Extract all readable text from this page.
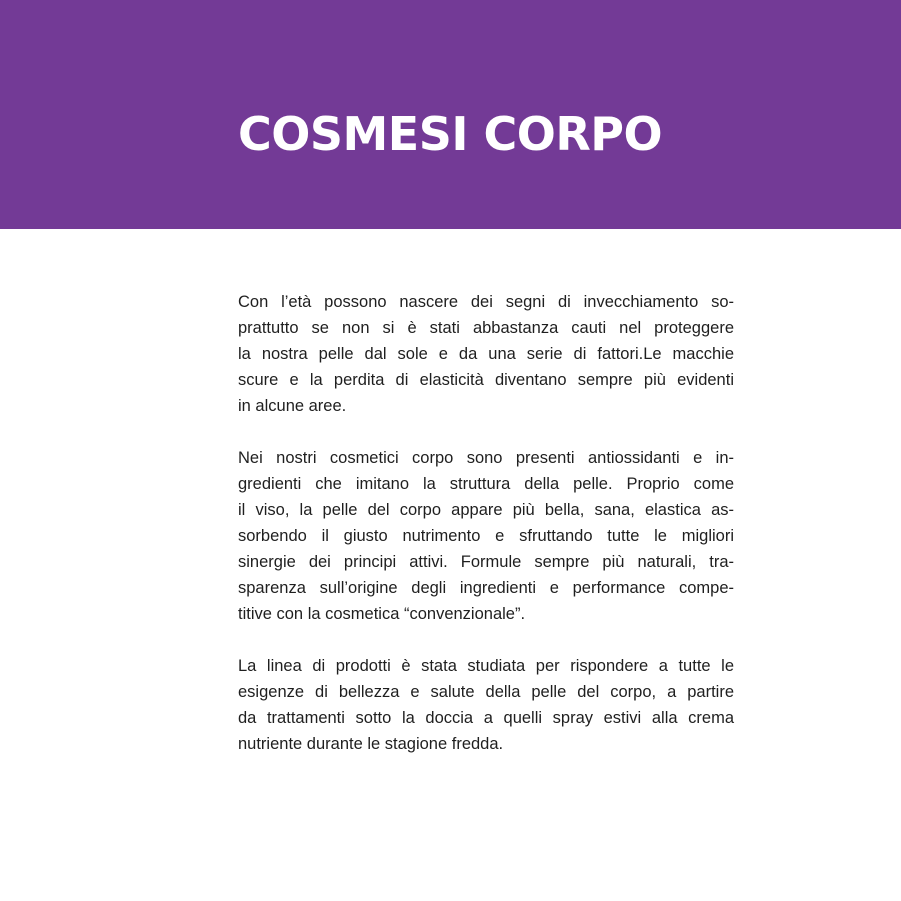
COSMESI CORPO

Con l’età possono nascere dei segni di invecchiamento so-
prattutto se non si è stati abbastanza cauti nel proteggere
la nostra pelle dal sole e da una serie di fattori.Le macchie
scure e la perdita di elasticità diventano sempre più evidenti
in alcune aree.

Nei nostri cosmetici corpo sono presenti antiossidanti e in-
gredienti che imitano la struttura della pelle. Proprio come
il viso, la pelle del corpo appare più bella, sana, elastica as-
sorbendo il giusto nutrimento e sfruttando tutte le migliori
sinergie dei principi attivi. Formule sempre più naturali, tra-
sparenza sull’origine degli ingredienti e performance compe-
titive con la cosmetica “convenzionale”.

La linea di prodotti è stata studiata per rispondere a tutte le
esigenze di bellezza e salute della pelle del corpo, a partire
da trattamenti sotto la doccia a quelli spray estivi alla crema
nutriente durante le stagione fredda.
